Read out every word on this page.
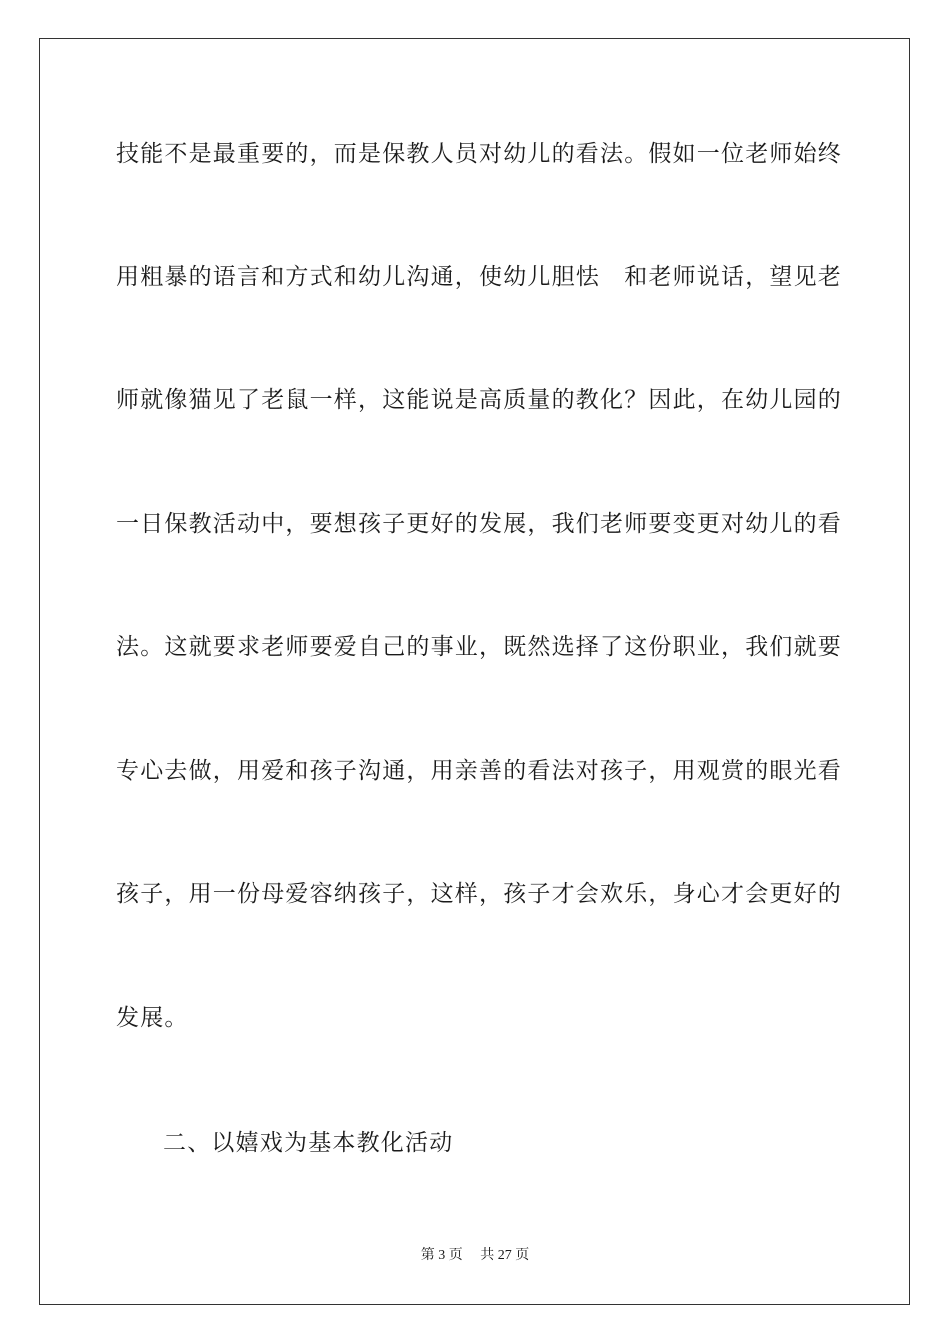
技能不是最重要的，而是保教人员对幼儿的看法。假如一位老师始终
用粗暴的语言和方式和幼儿沟通，使幼儿胆怯　和老师说话，望见老
师就像猫见了老鼠一样，这能说是高质量的教化？因此，在幼儿园的
一日保教活动中，要想孩子更好的发展，我们老师要变更对幼儿的看
法。这就要求老师要爱自己的事业，既然选择了这份职业，我们就要
专心去做，用爱和孩子沟通，用亲善的看法对孩子，用观赏的眼光看
孩子，用一份母爱容纳孩子，这样，孩子才会欢乐，身心才会更好的
发展。
二、以嬉戏为基本教化活动
第 3 页　 共 27 页
